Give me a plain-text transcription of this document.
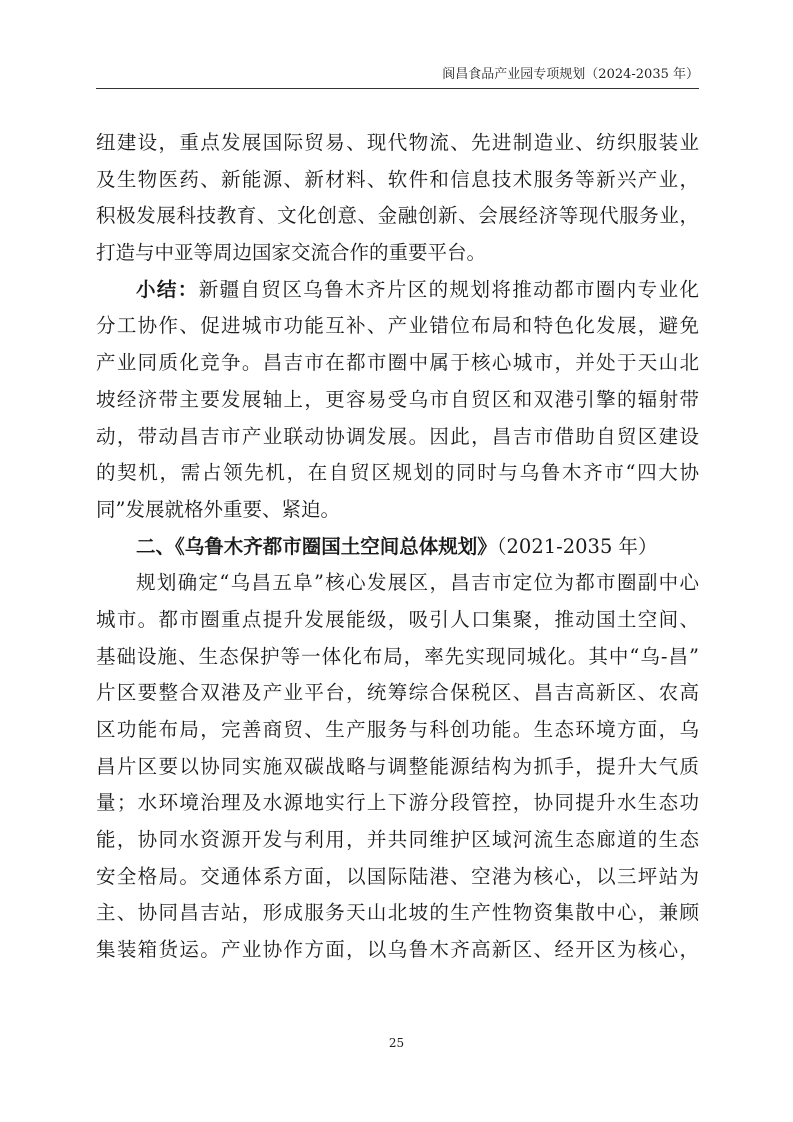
阆昌食品产业园专项规划（2024-2035 年）
纽建设，重点发展国际贸易、现代物流、先进制造业、纺织服装业
及生物医药、新能源、新材料、软件和信息技术服务等新兴产业，
积极发展科技教育、文化创意、金融创新、会展经济等现代服务业，
打造与中亚等周边国家交流合作的重要平台。
小结：新疆自贸区乌鲁木齐片区的规划将推动都市圈内专业化
分工协作、促进城市功能互补、产业错位布局和特色化发展，避免
产业同质化竞争。昌吉市在都市圈中属于核心城市，并处于天山北
坡经济带主要发展轴上，更容易受乌市自贸区和双港引擎的辐射带
动，带动昌吉市产业联动协调发展。因此，昌吉市借助自贸区建设
的契机，需占领先机，在自贸区规划的同时与乌鲁木齐市“四大协
同”发展就格外重要、紧迫。
二、《乌鲁木齐都市圈国土空间总体规划》（2021-2035 年）
规划确定“乌昌五阜”核心发展区，昌吉市定位为都市圈副中心
城市。都市圈重点提升发展能级，吸引人口集聚，推动国土空间、
基础设施、生态保护等一体化布局，率先实现同城化。其中“乌-昌”
片区要整合双港及产业平台，统筹综合保税区、昌吉高新区、农高
区功能布局，完善商贸、生产服务与科创功能。生态环境方面，乌
昌片区要以协同实施双碳战略与调整能源结构为抓手，提升大气质
量；水环境治理及水源地实行上下游分段管控，协同提升水生态功
能，协同水资源开发与利用，并共同维护区域河流生态廊道的生态
安全格局。交通体系方面，以国际陆港、空港为核心，以三坪站为
主、协同昌吉站，形成服务天山北坡的生产性物资集散中心，兼顾
集装箱货运。产业协作方面，以乌鲁木齐高新区、经开区为核心，
25
